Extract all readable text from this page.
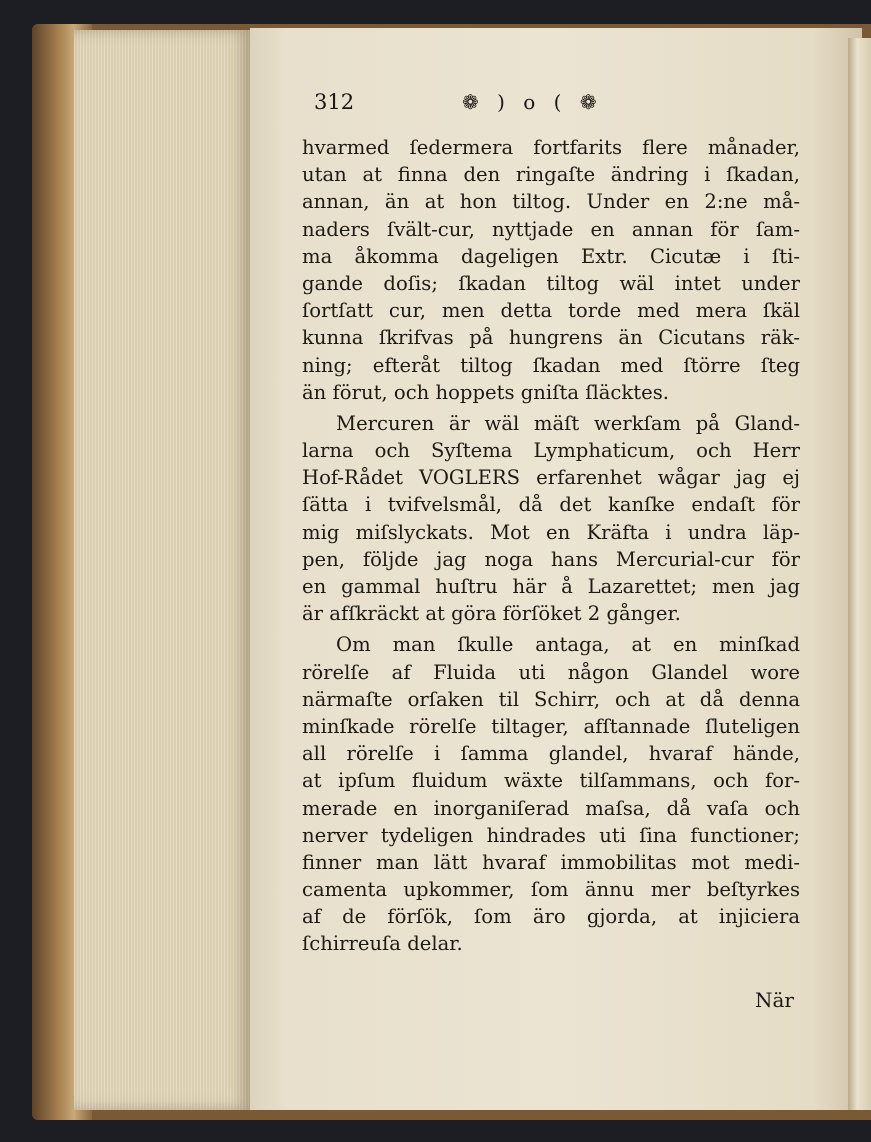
312	❁ ) o ( ❁
hvarmed ſedermera fortfarits flere månader,
utan at finna den ringaſte ändring i ſkadan,
annan, än at hon tiltog. Under en 2:ne må-
naders ſvält-cur, nyttjade en annan för ſam-
ma åkomma dageligen Extr. Cicutæ i ſti-
gande doſis; ſkadan tiltog wäl intet under
ſortſatt cur, men detta torde med mera ſkäl
kunna ſkrifvas på hungrens än Cicutans räk-
ning; efteråt tiltog ſkadan med ſtörre ſteg
än förut, och hoppets gniſta ſläcktes.
Mercuren är wäl mäſt werkſam på Gland-
larna och Syſtema Lymphaticum, och Herr
Hof-Rådet VOGLERS erfarenhet wågar jag ej
ſätta i tvifvelsmål, då det kanſke endaſt för
mig miſslyckats. Mot en Kräfta i undra läp-
pen, följde jag noga hans Mercurial-cur för
en gammal huſtru här å Lazarettet; men jag
är afſkräckt at göra förſöket 2 gånger.
Om man ſkulle antaga, at en minſkad
rörelſe af Fluida uti någon Glandel wore
närmaſte orſaken til Schirr, och at då denna
minſkade rörelſe tiltager, afſtannade ſluteligen
all rörelſe i ſamma glandel, hvaraf hände,
at ipſum fluidum wäxte tilſammans, och for-
merade en inorganiſerad maſsa, då vaſa och
nerver tydeligen hindrades uti ſina functioner;
finner man lätt hvaraf immobilitas mot medi-
camenta upkommer, ſom ännu mer beſtyrkes
af de förſök, ſom äro gjorda, at injiciera
ſchirreuſa delar.
När
